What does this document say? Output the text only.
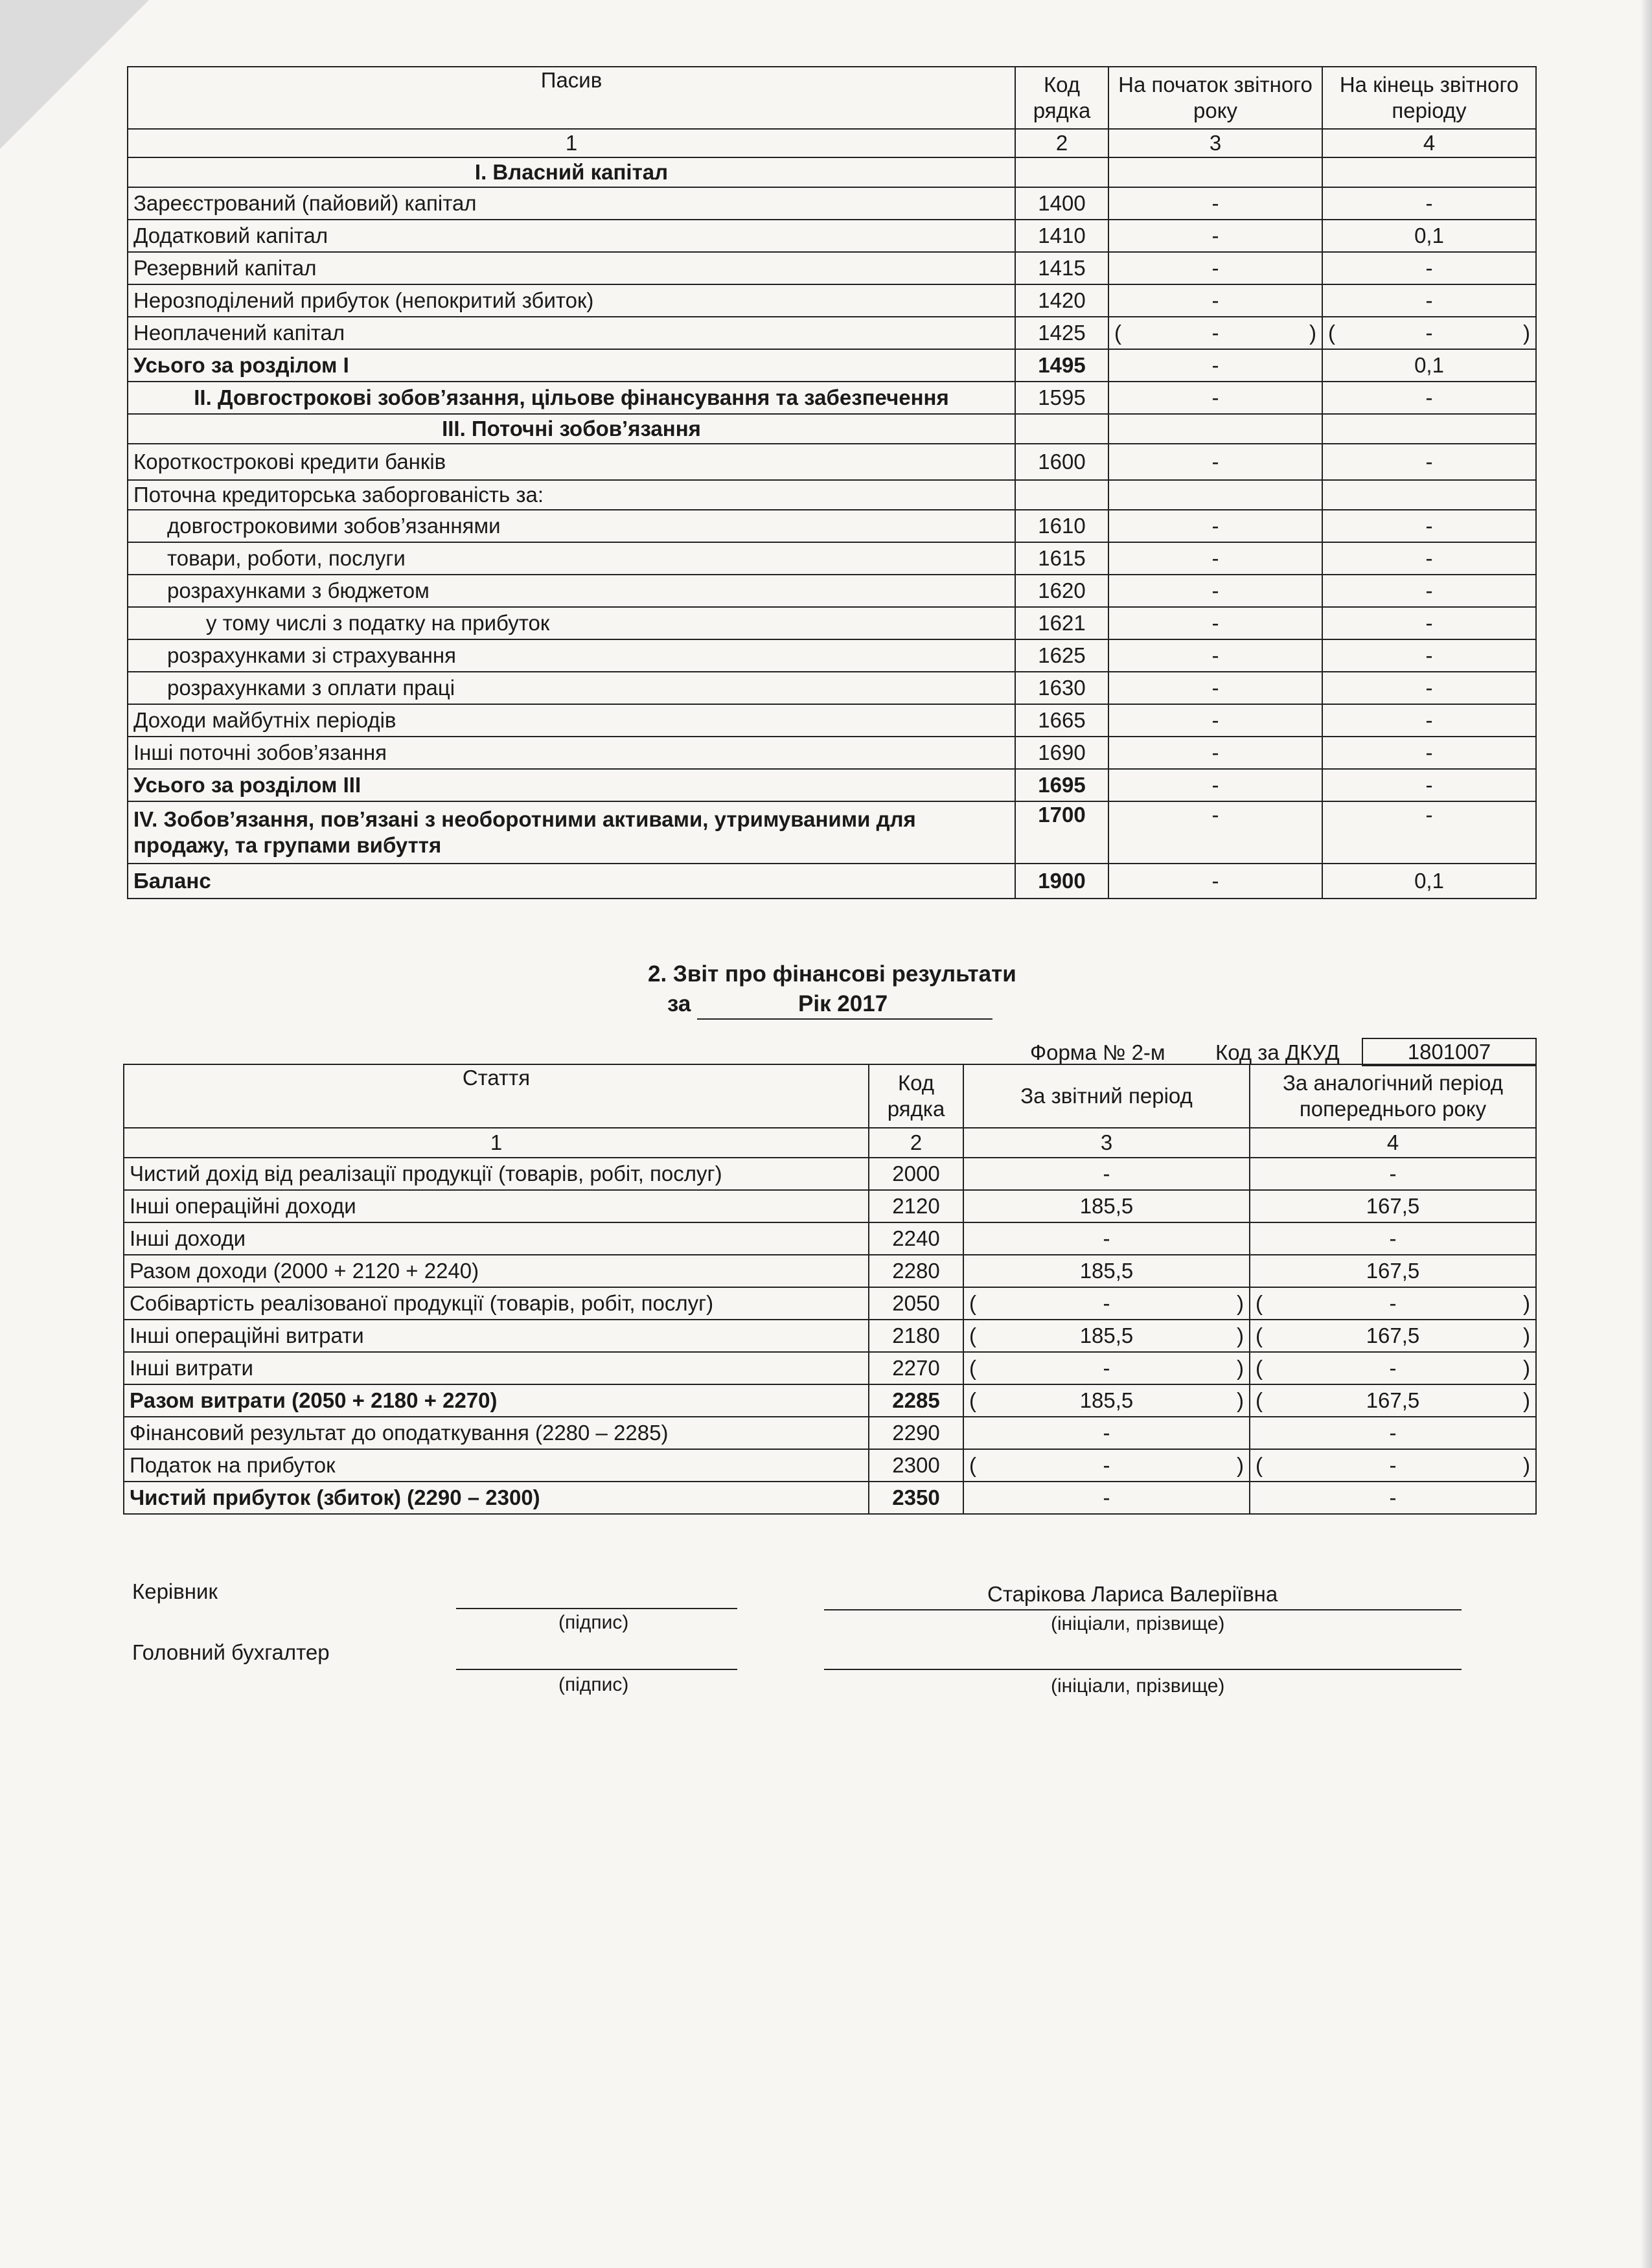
Пасив	Код рядка	На початок звітного року	На кінець звітного періоду
1	2	3	4
І. Власний капітал			
Зареєстрований (пайовий) капітал	1400	-	-
Додатковий капітал	1410	-	0,1
Резервний капітал	1415	-	-
Нерозподілений прибуток (непокритий збиток)	1420	-	-
Неоплачений капітал	1425	( - )	( - )

Усього за розділом І	1495	-	0,1
ІІ. Довгострокові зобов’язання, цільове фінансування та забезпечення	1595	-	-
ІІІ. Поточні зобов’язання			
Короткострокові кредити банків	1600	-	-
Поточна кредиторська заборгованість за:			
довгостроковими зобов’язаннями	1610	-	-
товари, роботи, послуги	1615	-	-
розрахунками з бюджетом	1620	-	-
у тому числі з податку на прибуток	1621	-	-
розрахунками зі страхування	1625	-	-
розрахунками з оплати праці	1630	-	-
Доходи майбутніх періодів	1665	-	-
Інші поточні зобов’язання	1690	-	-
Усього за розділом ІІІ	1695	-	-
ІV. Зобов’язання, пов’язані з необоротними активами, утримуваними для продажу, та групами вибуття	1700	-	-
Баланс	1900	-	0,1
2. Звіт про фінансові результати
за	Рік 2017
Форма № 2-м Код за ДКУД	1801007
Стаття	Код рядка	За звітний період	За аналогічний період попереднього року
1	2	3	4
Чистий дохід від реалізації продукції (товарів, робіт, послуг)	2000	-	-
Інші операційні доходи	2120	185,5	167,5
Інші доходи	2240	-	-
Разом доходи (2000 + 2120 + 2240)	2280	185,5	167,5
Собівартість реалізованої продукції (товарів, робіт, послуг)	2050	( - )	( - )

Інші операційні витрати	2180	( 185,5 )	( 167,5 )

Інші витрати	2270	( - )	( - )

Разом витрати (2050 + 2180 + 2270)	2285	( 185,5 )	( 167,5 )

Фінансовий результат до оподаткування (2280 – 2285)	2290	-	-
Податок на прибуток	2300	( - )	( - )

Чистий прибуток (збиток) (2290 – 2300)	2350	-	-
Керівник
(підпис)
Старікова Лариса Валеріївна
(ініціали, прізвище)
Головний бухгалтер
(підпис)	(ініціали, прізвище)
